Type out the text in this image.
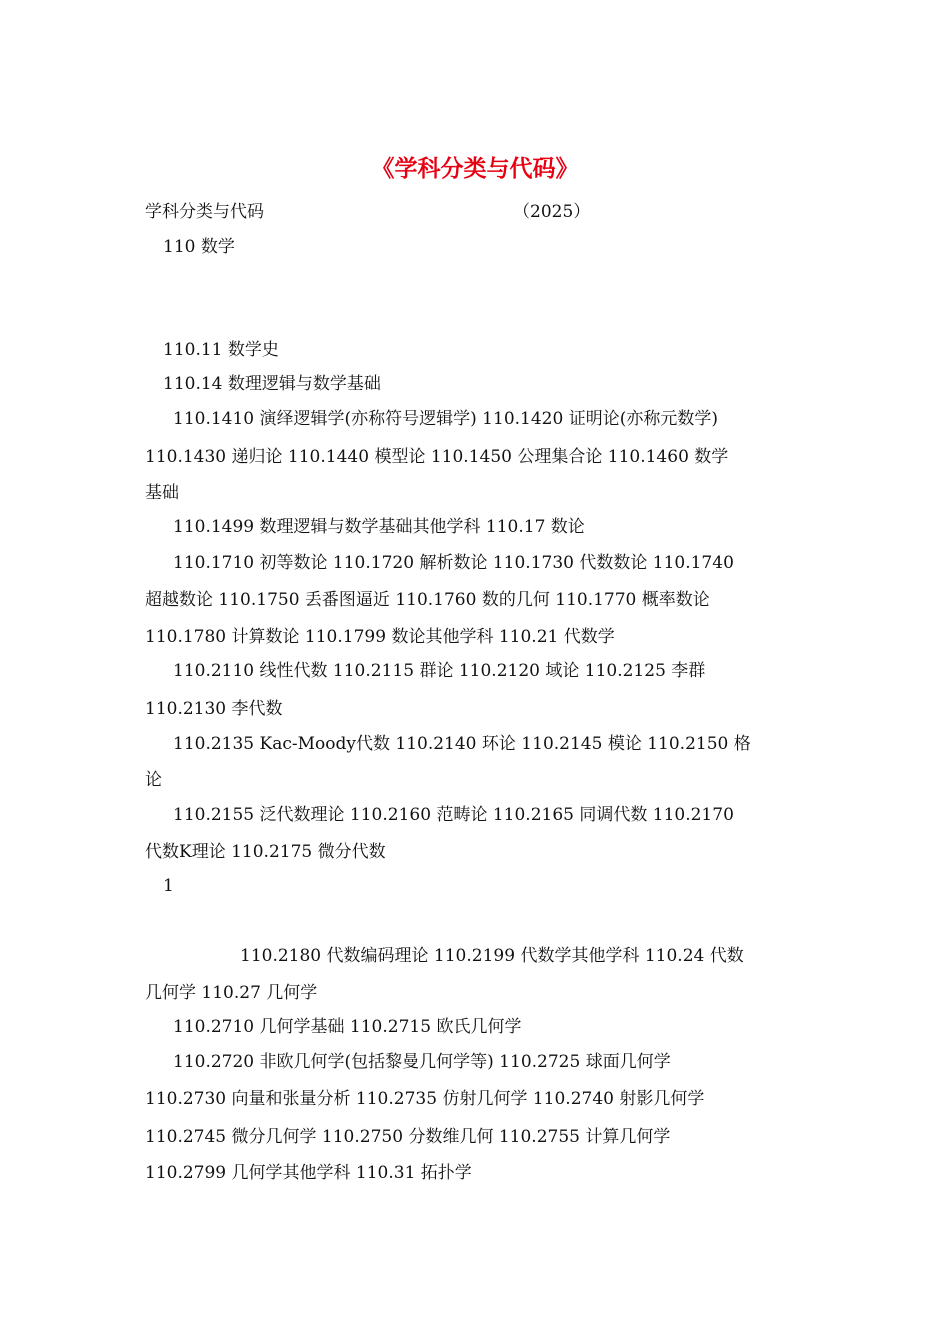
《学科分类与代码》

学科分类与代码	（2025）

110 数学

110.11 数学史

110.14 数理逻辑与数学基础

110.1410 演绎逻辑学(亦称符号逻辑学) 110.1420 证明论(亦称元数学)

110.1430 递归论 110.1440 模型论 110.1450 公理集合论 110.1460 数学

基础

110.1499 数理逻辑与数学基础其他学科 110.17 数论

110.1710 初等数论 110.1720 解析数论 110.1730 代数数论 110.1740

超越数论 110.1750 丢番图逼近 110.1760 数的几何 110.1770 概率数论

110.1780 计算数论 110.1799 数论其他学科 110.21 代数学

110.2110 线性代数 110.2115 群论 110.2120 域论 110.2125 李群

110.2130 李代数

110.2135 Kac-Moody代数 110.2140 环论 110.2145 模论 110.2150 格

论

110.2155 泛代数理论 110.2160 范畴论 110.2165 同调代数 110.2170

代数K理论 110.2175 微分代数

1

110.2180 代数编码理论 110.2199 代数学其他学科 110.24 代数

几何学 110.27 几何学

110.2710 几何学基础 110.2715 欧氏几何学

110.2720 非欧几何学(包括黎曼几何学等) 110.2725 球面几何学

110.2730 向量和张量分析 110.2735 仿射几何学 110.2740 射影几何学

110.2745 微分几何学 110.2750 分数维几何 110.2755 计算几何学

110.2799 几何学其他学科 110.31 拓扑学
